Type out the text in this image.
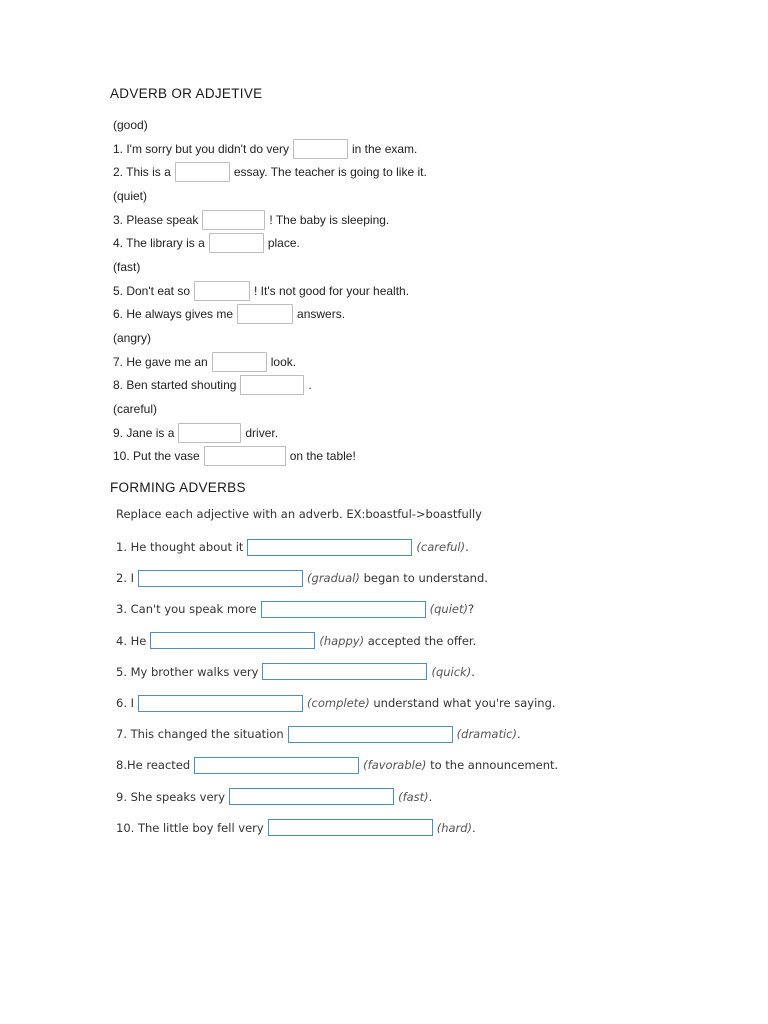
ADVERB OR ADJETIVE
(good)
1. I'm sorry but you didn't do very	in the exam.
2. This is a	essay. The teacher is going to like it.
(quiet)
3. Please speak	! The baby is sleeping.
4. The library is a	place.
(fast)
5. Don't eat so	! It's not good for your health.
6. He always gives me	answers.
(angry)
7. He gave me an	look.
8. Ben started shouting	.
(careful)
9. Jane is a	driver.
10. Put the vase	on the table!
FORMING ADVERBS
Replace each adjective with an adverb. EX:boastful->boastfully
1. He thought about it	(careful) .
2. I	(gradual) began to understand.
3. Can't you speak more	(quiet) ?
4. He	(happy) accepted the offer.
5. My brother walks very	(quick) .
6. I	(complete) understand what you're saying.
7. This changed the situation	(dramatic) .
8.He reacted	(favorable) to the announcement.
9. She speaks very	(fast) .
10. The little boy fell very	(hard) .
